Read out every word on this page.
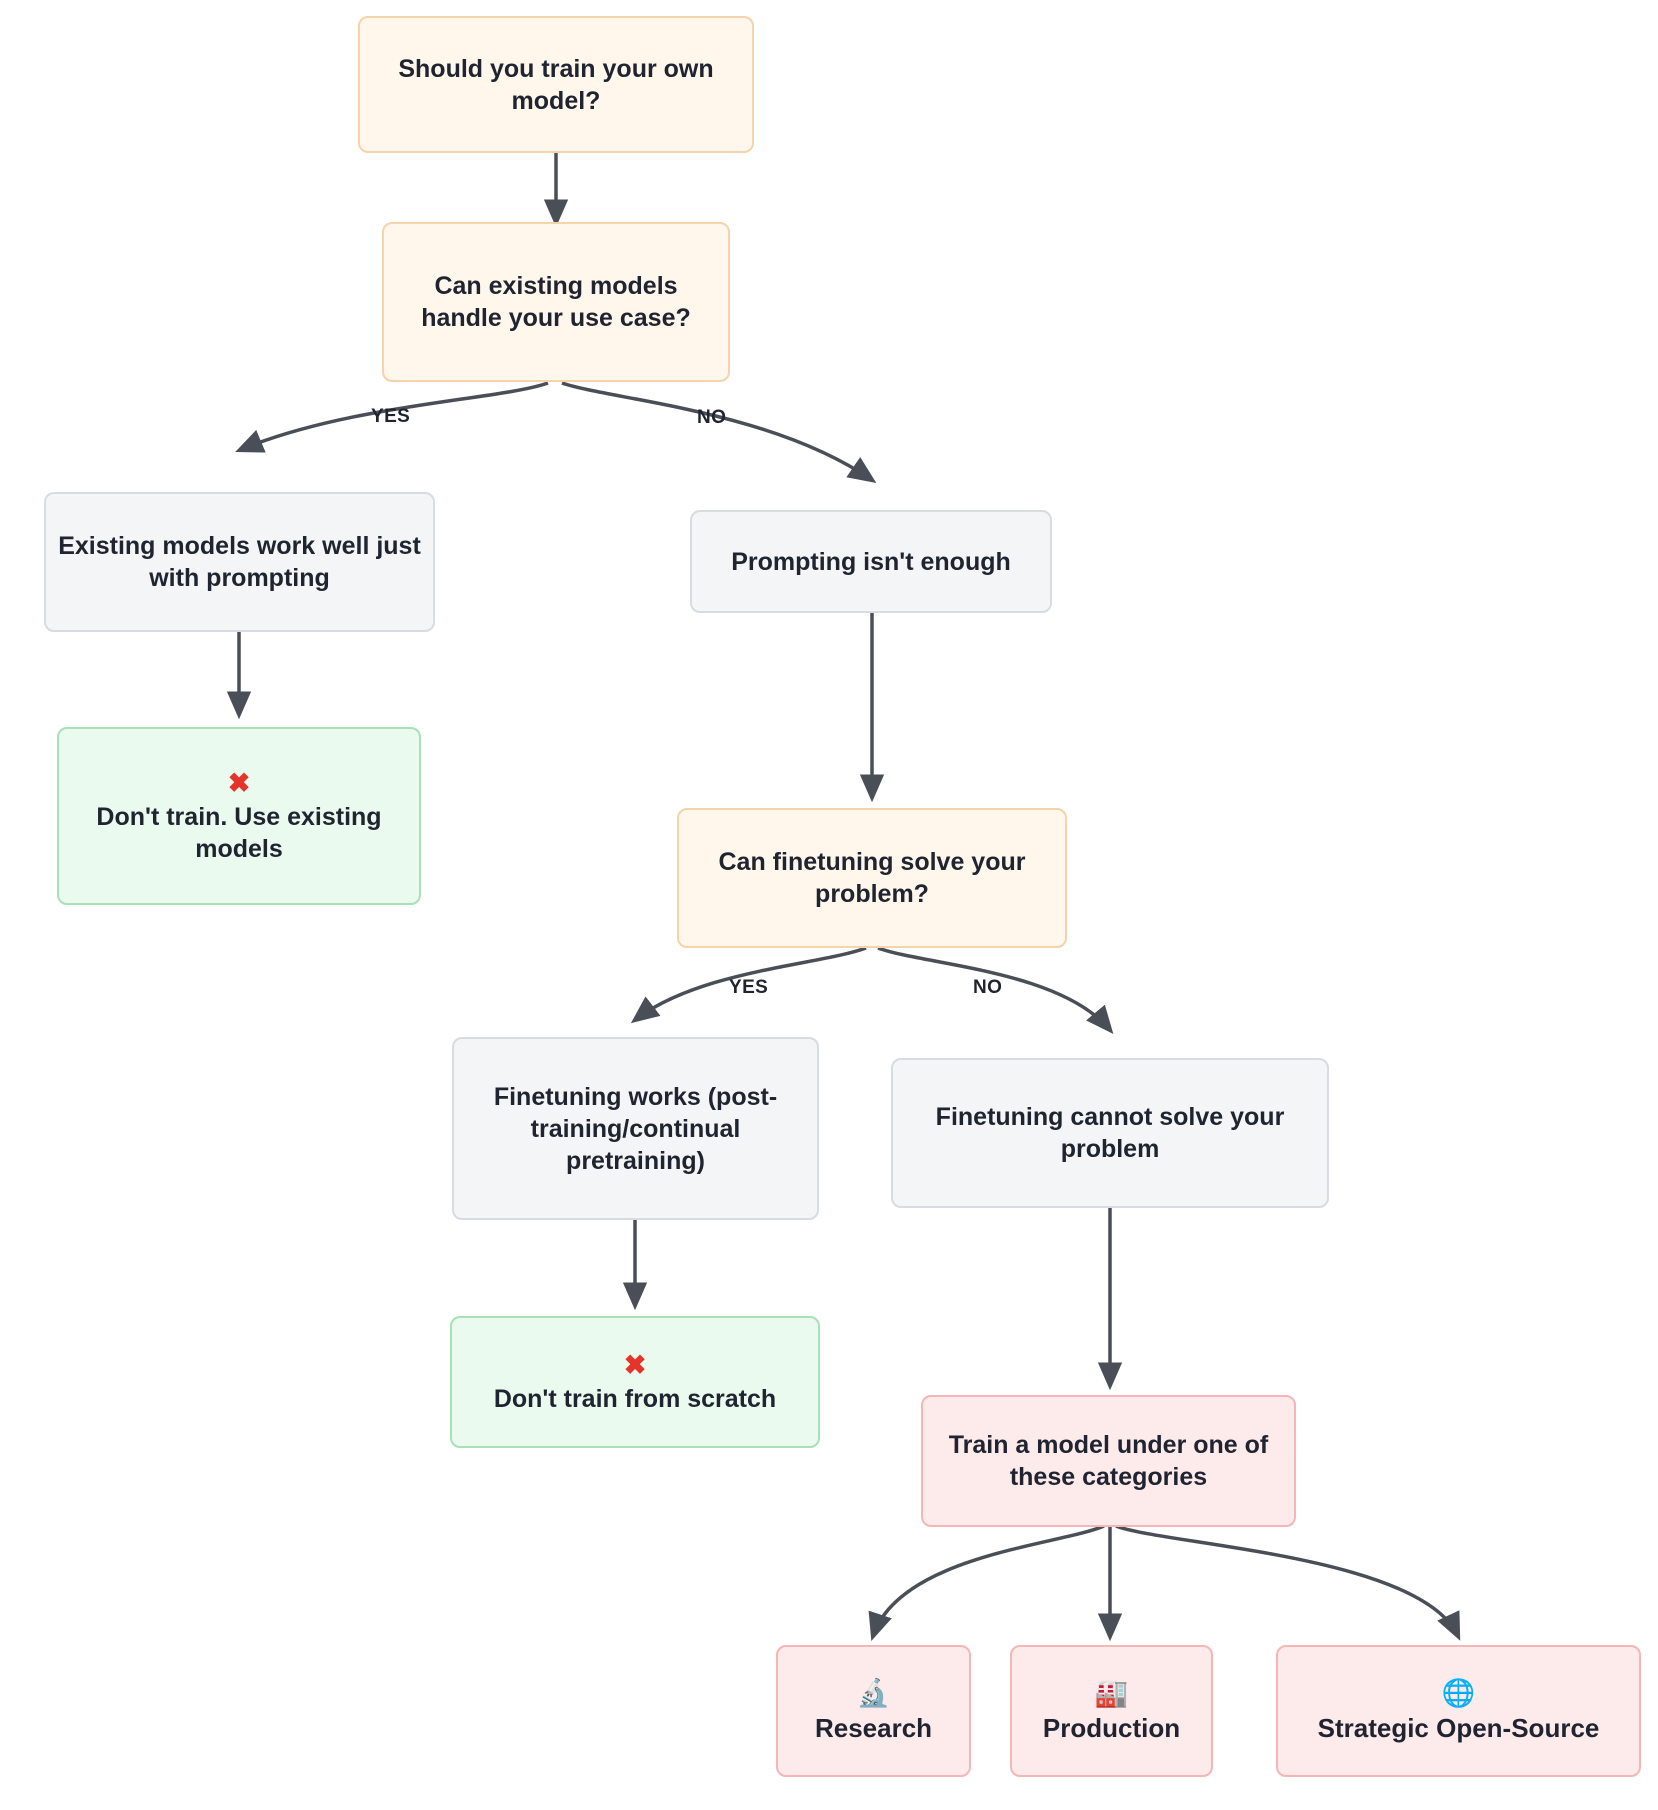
Should you train your own model?
Can existing models handle your use case?
Existing models work well just with prompting
Prompting isn't enough
✖
Don't train. Use existing models	Can finetuning solve your problem?
Finetuning works (post-training/continual pretraining)
Finetuning cannot solve your problem
✖
Don't train from scratch
Train a model under one of these categories
🔬
Research
🏭
Production
🌐
Strategic Open-Source
YES	NO
YES	NO
